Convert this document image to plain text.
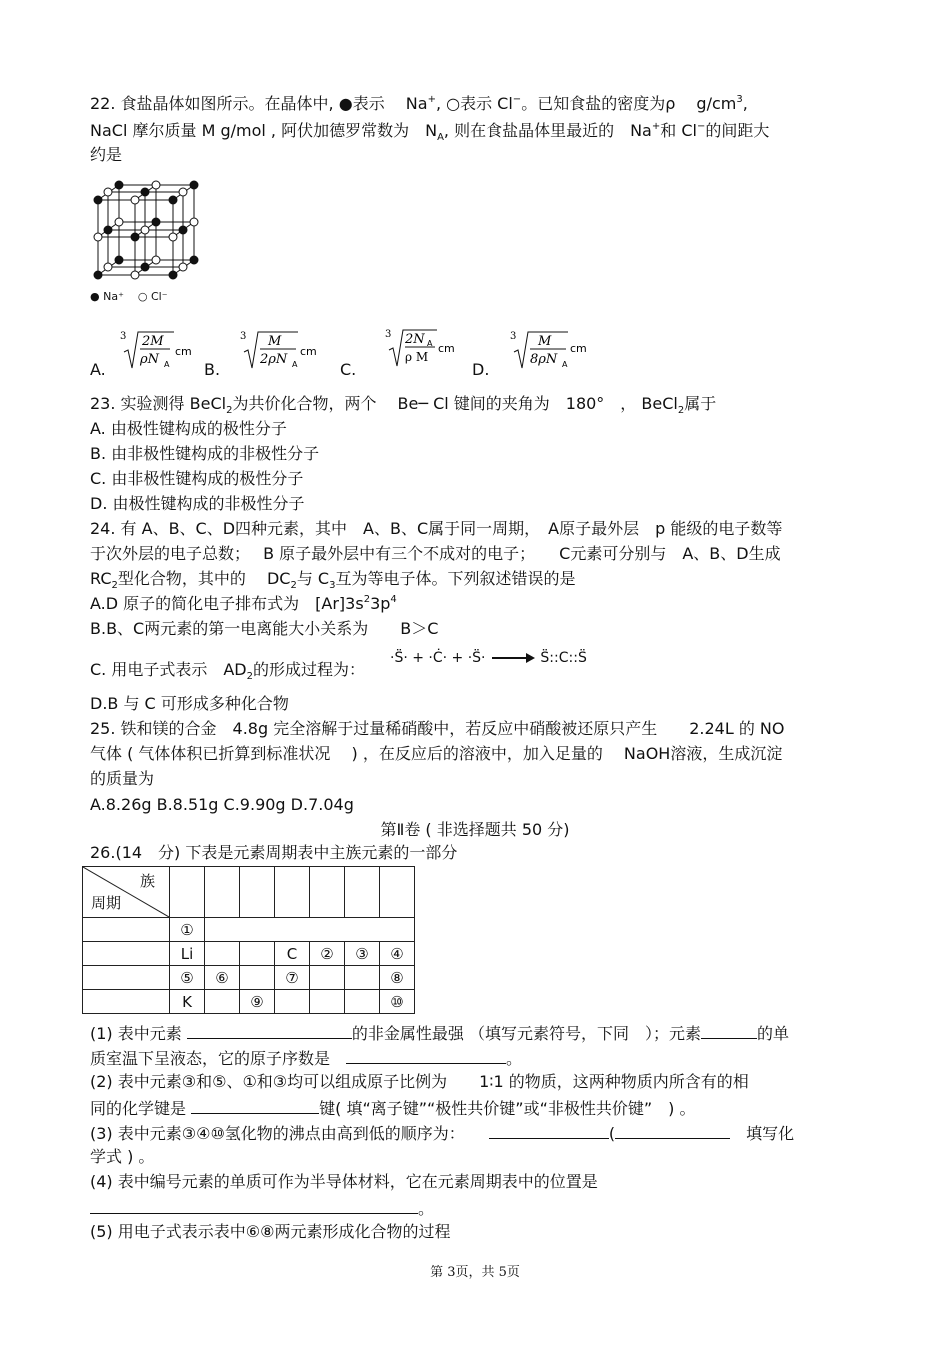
22. 食盐晶体如图所示。在晶体中, ●表示　 Na+, ○表示 Cl−。已知食盐的密度为ρ　 $g/cm^3$,
NaCl 摩尔质量 M g/mol , 阿伏加德罗常数为　$N_A$, 则在食盐晶体里最近的　Na+和 Cl−的间距大
约是
● Na⁺ ○ Cl⁻
A.
3 2M
ρN A
cm
B.
3 M
2ρN A
cm
C.
3 2N A
ρ M
cm
D.
3 M
8ρN A
cm
23. 实验测得 BeCl$_2$为共价化合物，两个　 Be─ Cl 键间的夹角为　180°　， BeCl$_2$属于
A. 由极性键构成的极性分子
B. 由非极性键构成的非极性分子
C. 由非极性键构成的极性分子
D. 由极性键构成的非极性分子
24. 有 A、B、C、D四种元素，其中　A、B、C属于同一周期，　A原子最外层　p 能级的电子数等
于次外层的电子总数；　 B 原子最外层中有三个不成对的电子；　　C元素可分别与　A、B、D生成
$RC_2$型化合物，其中的　 $DC_2$与 $C_3$互为等电子体。下列叙述错误的是
A.D 原子的简化电子排布式为　$[Ar]3s^23p^4$
B.B、C两元素的第一电离能大小关系为　　B＞C
C. 用电子式表示　$AD_2$的形成过程为：
·S̈· + ·Ċ· + ·S̈·	S̈::C::S̈
D.B 与 C 可形成多种化合物
25. 铁和镁的合金　4.8g 完全溶解于过量稀硝酸中，若反应中硝酸被还原只产生　　2.24L 的 NO
气体 ( 气体体积已折算到标准状况　 ) ，在反应后的溶液中，加入足量的　 NaOH溶液，生成沉淀
的质量为
A.8.26g B.8.51g C.9.90g D.7.04g
第Ⅱ卷 ( 非选择题共 50 分)
26.(14　分) 下表是元素周期表中主族元素的一部分
族
周期							

	①						
	Li			C	②	③	④
	⑤	⑥		⑦			⑧
	K		⑨				⑩
(1) 表中元素	的非金属性最强 （填写元素符号，下同　）；元素	的单
质室温下呈液态，它的原子序数是　	。
(2) 表中元素③和⑤、①和③均可以组成原子比例为　　1∶1 的物质，这两种物质内所含有的相
同的化学键是	键( 填“离子键”“极性共价键”或“非极性共价键”　) 。
(3) 表中元素③④⑩氢化物的沸点由高到低的顺序为：　　	(　	填写化
学式 ) 。
(4) 表中编号元素的单质可作为半导体材料，它在元素周期表中的位置是
。
(5) 用电子式表示表中⑥⑧两元素形成化合物的过程
第 3页，共 5页
